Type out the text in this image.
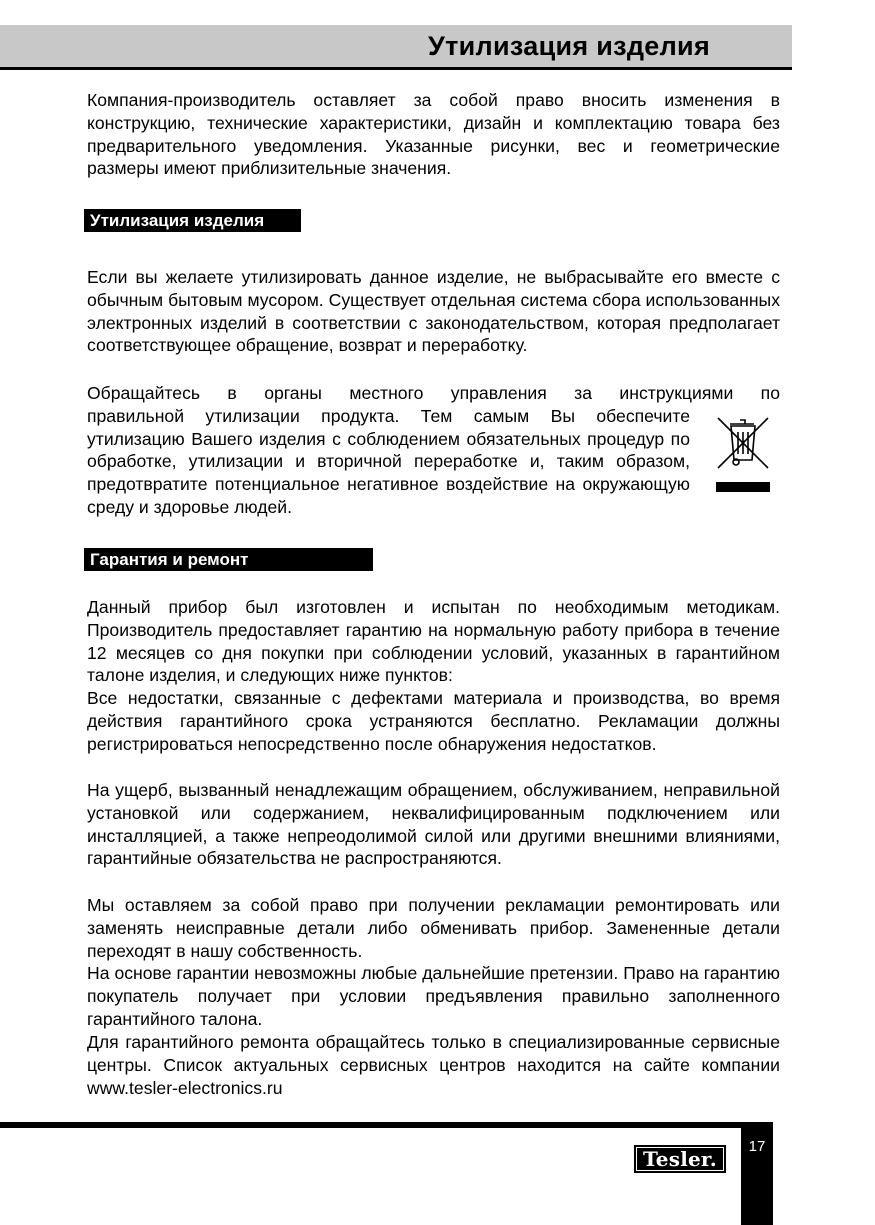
Утилизация изделия

Компания-производитель оставляет за собой право вносить изменения в конструкцию, технические характеристики, дизайн и комплектацию товара без предварительного уведомления. Указанные рисунки, вес и геометрические размеры имеют приблизительные значения.

Утилизация изделия

Если вы желаете утилизировать данное изделие, не выбрасывайте его вместе с обычным бытовым мусором. Существует отдельная система сбора использованных электронных изделий в соответствии с законодательством, которая предполагает соответствующее обращение, возврат и переработку.

Обращайтесь в органы местного управления за инструкциями по
правильной утилизации продукта. Тем самым Вы обеспечите утилизацию Вашего изделия с соблюдением обязательных процедур по обработке, утилизации и вторичной переработке и, таким образом, предотвратите потенциальное негативное воздействие на окружающую среду и здоровье людей.
Гарантия и ремонт

Данный прибор был изготовлен и испытан по необходимым методикам. Производитель предоставляет гарантию на нормальную работу прибора в течение 12 месяцев со дня покупки при соблюдении условий, указанных в гарантийном талоне изделия, и следующих ниже пунктов:

Все недостатки, связанные с дефектами материала и производства, во время действия гарантийного срока устраняются бесплатно. Рекламации должны регистрироваться непосредственно после обнаружения недостатков.

На ущерб, вызванный ненадлежащим обращением, обслуживанием, неправильной установкой или содержанием, неквалифицированным подключением или инсталляцией, а также непреодолимой силой или другими внешними влияниями, гарантийные обязательства не распространяются.

Мы оставляем за собой право при получении рекламации ремонтировать или заменять неисправные детали либо обменивать прибор. Замененные детали переходят в нашу собственность.

На основе гарантии невозможны любые дальнейшие претензии. Право на гарантию покупатель получает при условии предъявления правильно заполненного гарантийного талона.

Для гарантийного ремонта обращайтесь только в специализированные сервисные центры. Список актуальных сервисных центров находится на сайте компании www.tesler-electronics.ru

17
Tesler.
